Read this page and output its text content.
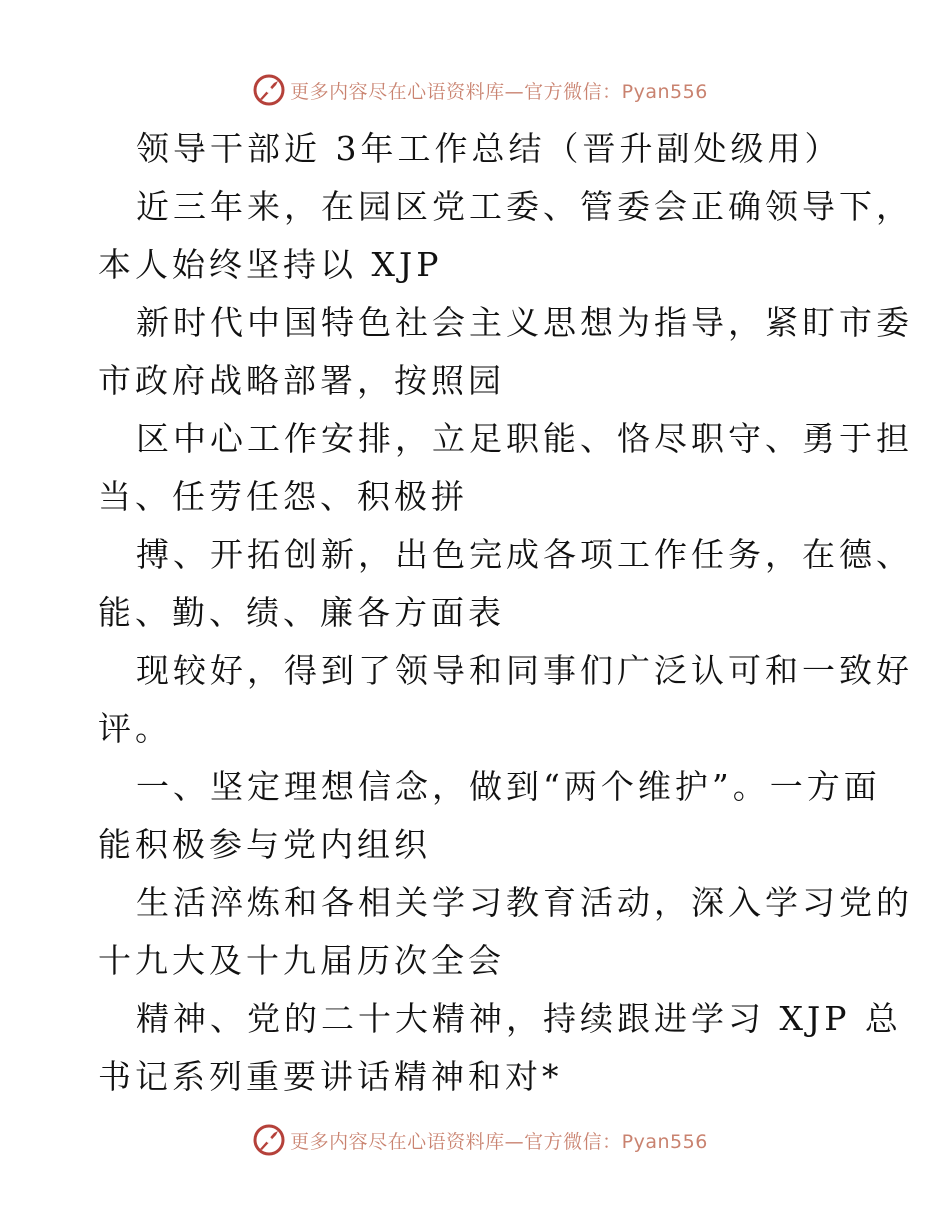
更多内容尽在心语资料库—官方微信：Pyan556
领导干部近 3年工作总结（晋升副处级用）
近三年来，在园区党工委、管委会正确领导下，
本人始终坚持以 XJP
新时代中国特色社会主义思想为指导，紧盯市委
市政府战略部署，按照园
区中心工作安排，立足职能、恪尽职守、勇于担
当、任劳任怨、积极拼
搏、开拓创新，出色完成各项工作任务，在德、
能、勤、绩、廉各方面表
现较好，得到了领导和同事们广泛认可和一致好
评。
一、坚定理想信念，做到“两个维护”。一方面
能积极参与党内组织
生活淬炼和各相关学习教育活动，深入学习党的
十九大及十九届历次全会
精神、党的二十大精神，持续跟进学习 XJP 总
书记系列重要讲话精神和对*
更多内容尽在心语资料库—官方微信：Pyan556
